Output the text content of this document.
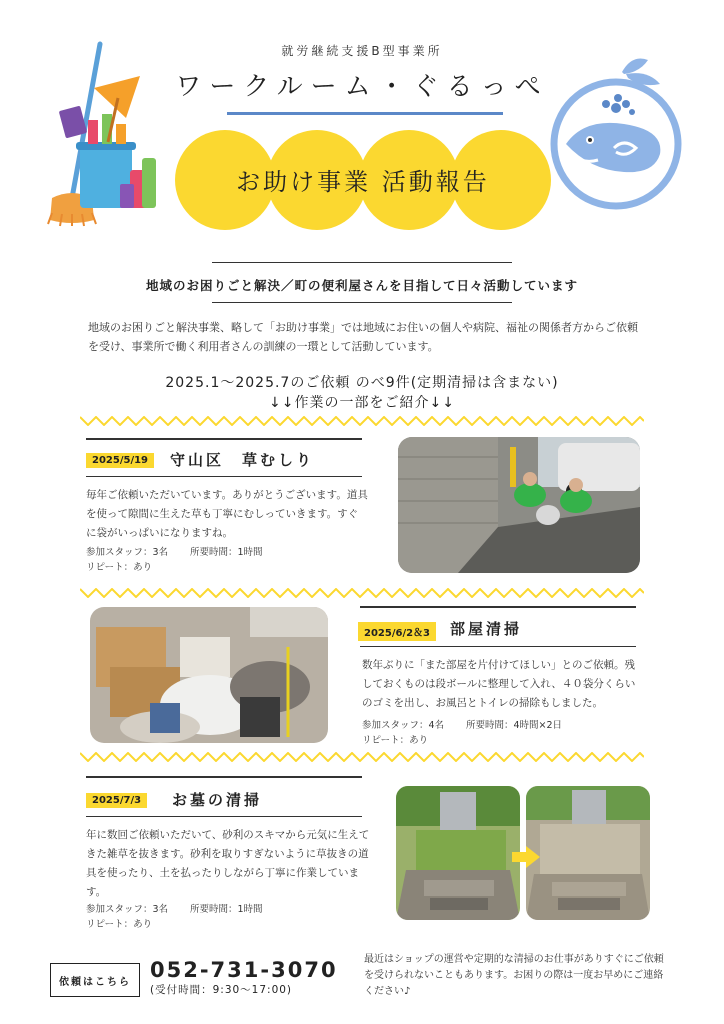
就労継続支援B型事業所
ワークルーム・ぐるっぺ
お助け事業 活動報告
地域のお困りごと解決／町の便利屋さんを目指して日々活動しています
地域のお困りごと解決事業、略して「お助け事業」では地域にお住いの個人や病院、福祉の関係者方からご依頼を受け、事業所で働く利用者さんの訓練の一環として活動しています。
2025.1〜2025.7のご依頼 のべ9件(定期清掃は含まない)
↓↓作業の一部をご紹介↓↓
2025/5/19	守山区　草むしり
毎年ご依頼いただいています。ありがとうございます。道具を使って隙間に生えた草も丁寧にむしっていきます。すぐに袋がいっぱいになりますね。
参加スタッフ：3名 所要時間：1時間
リピート：あり
2025/6/2＆3	部屋清掃
数年ぶりに「また部屋を片付けてほしい」とのご依頼。残しておくものは段ボールに整理して入れ、４０袋分くらいのゴミを出し、お風呂とトイレの掃除もしました。
参加スタッフ：4名 所要時間：4時間×2日
リピート：あり
2025/7/3	お墓の清掃
年に数回ご依頼いただいて、砂利のスキマから元気に生えてきた雑草を抜きます。砂利を取りすぎないように草抜きの道具を使ったり、土を払ったりしながら丁寧に作業しています。
参加スタッフ：3名 所要時間：1時間
リピート：あり
依頼はこちら 052-731-3070
(受付時間：9:30〜17:00)
最近はショップの運営や定期的な清掃のお仕事がありすぐにご依頼を受けられないこともあります。お困りの際は一度お早めにご連絡ください♪
